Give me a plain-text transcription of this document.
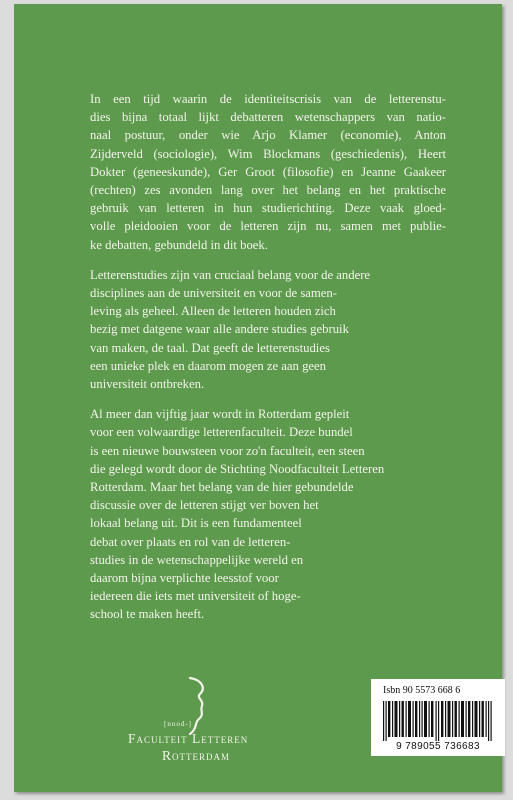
In een tijd waarin de identiteitscrisis van de letterenstu-
dies bijna totaal lijkt debatteren wetenschappers van natio-
naal postuur, onder wie Arjo Klamer (economie), Anton
Zijderveld (sociologie), Wim Blockmans (geschiedenis), Heert
Dokter (geneeskunde), Ger Groot (filosofie) en Jeanne Gaakeer
(rechten) zes avonden lang over het belang en het praktische
gebruik van letteren in hun studierichting. Deze vaak gloed-
volle pleidooien voor de letteren zijn nu, samen met publie-
ke debatten, gebundeld in dit boek.

Letterenstudies zijn van cruciaal belang voor de andere
disciplines aan de universiteit en voor de samen-
leving als geheel. Alleen de letteren houden zich
bezig met datgene waar alle andere studies gebruik
van maken, de taal. Dat geeft de letterenstudies
een unieke plek en daarom mogen ze aan geen
universiteit ontbreken.

Al meer dan vijftig jaar wordt in Rotterdam gepleit
voor een volwaardige letterenfaculteit. Deze bundel
is een nieuwe bouwsteen voor zo'n faculteit, een steen
die gelegd wordt door de Stichting Noodfaculteit Letteren
Rotterdam. Maar het belang van de hier gebundelde
discussie over de letteren stijgt ver boven het
lokaal belang uit. Dit is een fundamenteel
debat over plaats en rol van de letteren-
studies in de wetenschappelijke wereld en
daarom bijna verplichte leesstof voor
iedereen die iets met universiteit of hoge-
school te maken heeft.

[nood-]
Faculteit Letteren
Rotterdam
Isbn 90 5573 668 6
9 789055 736683
